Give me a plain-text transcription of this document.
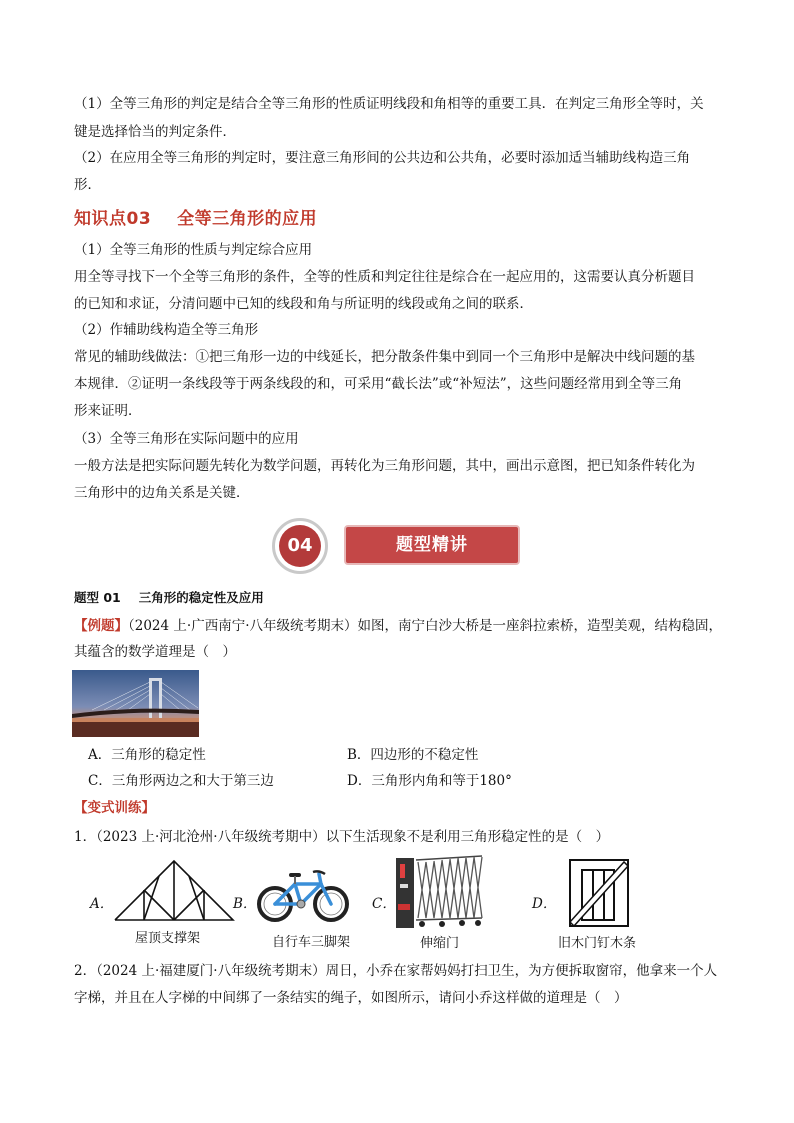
（1）全等三角形的判定是结合全等三角形的性质证明线段和角相等的重要工具．在判定三角形全等时，关
键是选择恰当的判定条件．
（2）在应用全等三角形的判定时，要注意三角形间的公共边和公共角，必要时添加适当辅助线构造三角
形．
知识点03 全等三角形的应用
（1）全等三角形的性质与判定综合应用
用全等寻找下一个全等三角形的条件，全等的性质和判定往往是综合在一起应用的，这需要认真分析题目
的已知和求证，分清问题中已知的线段和角与所证明的线段或角之间的联系．
（2）作辅助线构造全等三角形
常见的辅助线做法：①把三角形一边的中线延长，把分散条件集中到同一个三角形中是解决中线问题的基
本规律．②证明一条线段等于两条线段的和，可采用“截长法”或“补短法”，这些问题经常用到全等三角
形来证明．
（3）全等三角形在实际问题中的应用
一般方法是把实际问题先转化为数学问题，再转化为三角形问题，其中，画出示意图，把已知条件转化为
三角形中的边角关系是关键．
04	题型精讲
题型 01 三角形的稳定性及应用
【例题】（2024 上·广西南宁·八年级统考期末）如图，南宁白沙大桥是一座斜拉索桥，造型美观，结构稳固，
其蕴含的数学道理是（　）
A．三角形的稳定性	B．四边形的不稳定性
C．三角形两边之和大于第三边	D．三角形内角和等于180°
【变式训练】
1．（2023 上·河北沧州·八年级统考期中）以下生活现象不是利用三角形稳定性的是（　）
A．	B．	C．	D．
屋顶支撑架	自行车三脚架	伸缩门	旧木门钉木条
2．（2024 上·福建厦门·八年级统考期末）周日，小乔在家帮妈妈打扫卫生，为方便拆取窗帘，他拿来一个人
字梯，并且在人字梯的中间绑了一条结实的绳子，如图所示，请问小乔这样做的道理是（　）
